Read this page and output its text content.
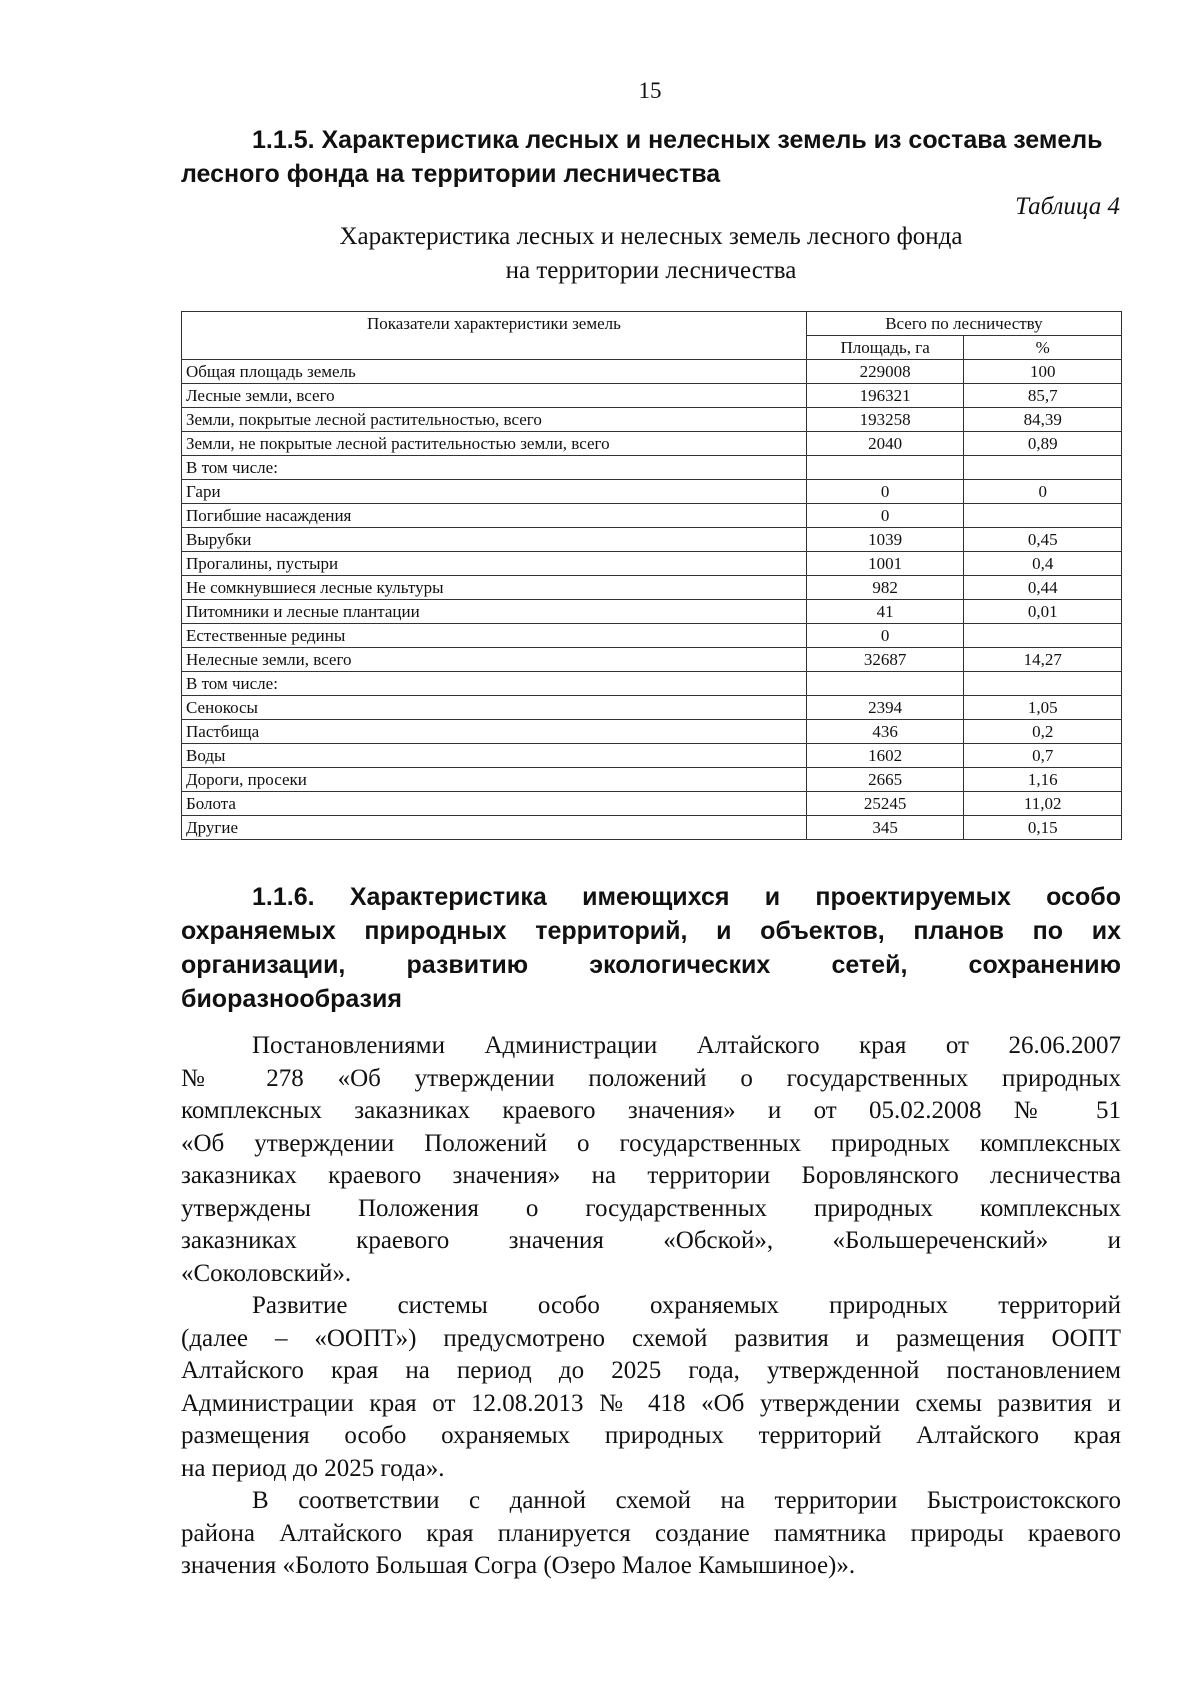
15
1.1.5. Характеристика лесных и нелесных земель из состава земель
лесного фонда на территории лесничества
Таблица 4
Характеристика лесных и нелесных земель лесного фонда
на территории лесничества
Показатели характеристики земель	Всего по лесничеству	
	Площадь, га	%
Общая площадь земель	229008	100
Лесные земли, всего	196321	85,7
Земли, покрытые лесной растительностью, всего	193258	84,39
Земли, не покрытые лесной растительностью земли, всего	2040	0,89
В том числе:		
Гари	0	0
Погибшие насаждения	0	
Вырубки	1039	0,45
Прогалины, пустыри	1001	0,4
Не сомкнувшиеся лесные культуры	982	0,44
Питомники и лесные плантации	41	0,01
Естественные редины	0	
Нелесные земли, всего	32687	14,27
В том числе:		
Сенокосы	2394	1,05
Пастбища	436	0,2
Воды	1602	0,7
Дороги, просеки	2665	1,16
Болота	25245	11,02
Другие	345	0,15
1.1.6. Характеристика имеющихся и проектируемых особо
охраняемых природных территорий, и объектов, планов по их
организации, развитию экологических сетей, сохранению
биоразнообразия
Постановлениями Администрации Алтайского края от 26.06.2007
№ 278 «Об утверждении положений о государственных природных
комплексных заказниках краевого значения» и от 05.02.2008 № 51
«Об утверждении Положений о государственных природных комплексных
заказниках краевого значения» на территории Боровлянского лесничества
утверждены Положения о государственных природных комплексных
заказниках краевого значения «Обской», «Большереченский» и
«Соколовский».
Развитие системы особо охраняемых природных территорий
(далее – «ООПТ») предусмотрено схемой развития и размещения ООПТ
Алтайского края на период до 2025 года, утвержденной постановлением
Администрации края от 12.08.2013 № 418 «Об утверждении схемы развития и
размещения особо охраняемых природных территорий Алтайского края
на период до 2025 года».
В соответствии с данной схемой на территории Быстроистокского
района Алтайского края планируется создание памятника природы краевого
значения «Болото Большая Согра (Озеро Малое Камышиное)».
